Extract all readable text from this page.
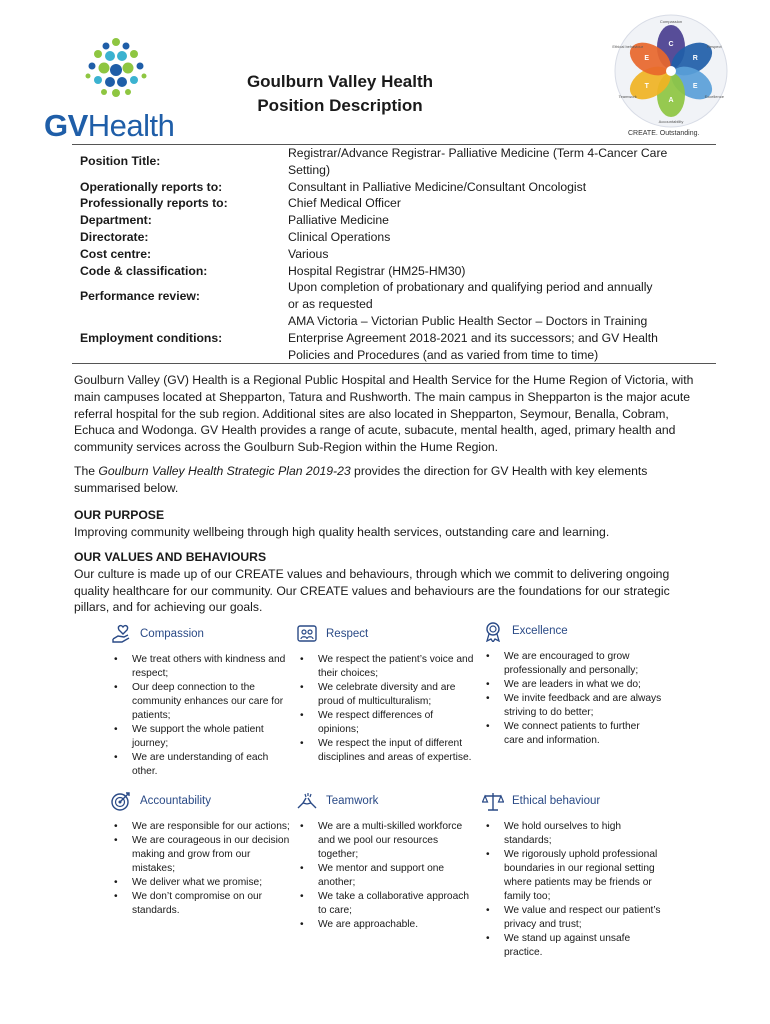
GVHealth
Goulburn Valley Health
Position Description
C
Compassion
R
Respect
E
Excellence
A
Accountability
T
Teamwork
E
Ethical behaviour
CREATE. Outstanding.
Position Title:
Registrar/Advance Registrar- Palliative Medicine (Term 4-Cancer Care
Setting)
Operationally reports to:	Consultant in Palliative Medicine/Consultant Oncologist
Professionally reports to:	Chief Medical Officer
Department:	Palliative Medicine
Directorate:	Clinical Operations
Cost centre:	Various
Code & classification:	Hospital Registrar (HM25-HM30)
Performance review:
Upon completion of probationary and qualifying period and annually
or as requested
Employment conditions:
AMA Victoria – Victorian Public Health Sector – Doctors in Training
Enterprise Agreement 2018-2021 and its successors; and GV Health
Policies and Procedures (and as varied from time to time)

Goulburn Valley (GV) Health is a Regional Public Hospital and Health Service for the Hume Region of Victoria, with main campuses located at Shepparton, Tatura and Rushworth. The main campus in Shepparton is the major acute referral hospital for the sub region. Additional sites are also located in Shepparton, Seymour, Benalla, Cobram, Echuca and Wodonga. GV Health provides a range of acute, subacute, mental health, aged, primary health and community services across the Goulburn Sub-Region within the Hume Region.

The Goulburn Valley Health Strategic Plan 2019-23 provides the direction for GV Health with key elements summarised below.

OUR PURPOSE
Improving community wellbeing through high quality health services, outstanding care and learning.

OUR VALUES AND BEHAVIOURS
Our culture is made up of our CREATE values and behaviours, through which we commit to delivering ongoing quality healthcare for our community. Our CREATE values and behaviours are the foundations for our strategic pillars, and for achieving our goals.

Compassion
• We treat others with kindness and respect;
• Our deep connection to the community enhances our care for patients;
• We support the whole patient journey;
• We are understanding of each other.
Respect
• We respect the patient’s voice and their choices;
• We celebrate diversity and are proud of multiculturalism;
• We respect differences of opinions;
• We respect the input of different disciplines and areas of expertise.
Excellence
• We are encouraged to grow professionally and personally;
• We are leaders in what we do;
• We invite feedback and are always striving to do better;
• We connect patients to further care and information.
Accountability
• We are responsible for our actions;
• We are courageous in our decision making and grow from our mistakes;
• We deliver what we promise;
• We don’t compromise on our standards.
Teamwork
• We are a multi-skilled workforce and we pool our resources together;
• We mentor and support one another;
• We take a collaborative approach to care;
• We are approachable.
Ethical behaviour
• We hold ourselves to high standards;
• We rigorously uphold professional boundaries in our regional setting where patients may be friends or family too;
• We value and respect our patient’s privacy and trust;
• We stand up against unsafe practice.
